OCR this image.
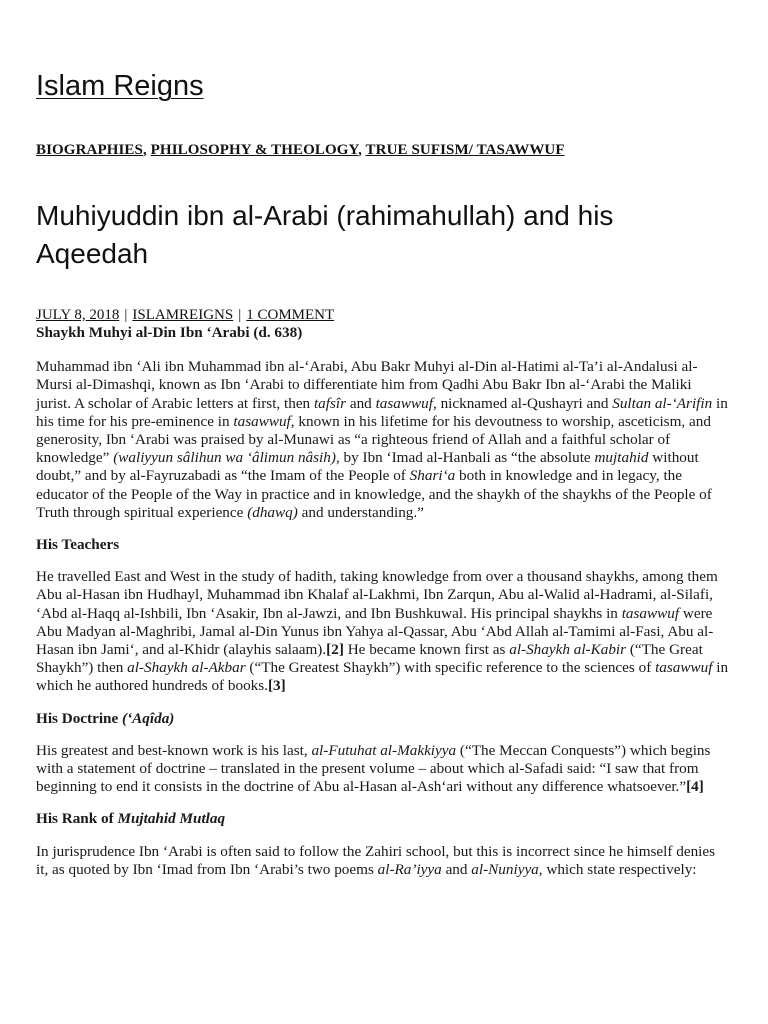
Islam Reigns
BIOGRAPHIES, PHILOSOPHY & THEOLOGY, TRUE SUFISM/ TASAWWUF
Muhiyuddin ibn al-Arabi (rahimahullah) and his Aqeedah
JULY 8, 2018 | ISLAMREIGNS | 1 COMMENT

Shaykh Muhyi al-Din Ibn ‘Arabi (d. 638)

Muhammad ibn ‘Ali ibn Muhammad ibn al-‘Arabi, Abu Bakr Muhyi al-Din al-Hatimi al-Ta’i al-Andalusi al-Mursi al-Dimashqi, known as Ibn ‘Arabi to differentiate him from Qadhi Abu Bakr Ibn al-‘Arabi the Maliki jurist. A scholar of Arabic letters at first, then tafsîr and tasawwuf, nicknamed al-Qushayri and Sultan al-‘Arifin in his time for his pre-eminence in tasawwuf, known in his lifetime for his devoutness to worship, asceticism, and generosity, Ibn ‘Arabi was praised by al-Munawi as “a righteous friend of Allah and a faithful scholar of knowledge” (waliyyun sâlihun wa ‘âlimun nâsih), by Ibn ‘Imad al-Hanbali as “the absolute mujtahid without doubt,” and by al-Fayruzabadi as “the Imam of the People of Shari‘a both in knowledge and in legacy, the educator of the People of the Way in practice and in knowledge, and the shaykh of the shaykhs of the People of Truth through spiritual experience (dhawq) and understanding.”

His Teachers

He travelled East and West in the study of hadith, taking knowledge from over a thousand shaykhs, among them Abu al-Hasan ibn Hudhayl, Muhammad ibn Khalaf al-Lakhmi, Ibn Zarqun, Abu al-Walid al-Hadrami, al-Silafi, ‘Abd al-Haqq al-Ishbili, Ibn ‘Asakir, Ibn al-Jawzi, and Ibn Bushkuwal. His principal shaykhs in tasawwuf were Abu Madyan al-Maghribi, Jamal al-Din Yunus ibn Yahya al-Qassar, Abu ‘Abd Allah al-Tamimi al-Fasi, Abu al-Hasan ibn Jami‘, and al-Khidr (alayhis salaam).[2] He became known first as al-Shaykh al-Kabir (“The Great Shaykh”) then al-Shaykh al-Akbar (“The Greatest Shaykh”) with specific reference to the sciences of tasawwuf in which he authored hundreds of books.[3]

His Doctrine (‘Aqîda)

His greatest and best-known work is his last, al-Futuhat al-Makkiyya (“The Meccan Conquests”) which begins with a statement of doctrine – translated in the present volume – about which al-Safadi said: “I saw that from beginning to end it consists in the doctrine of Abu al-Hasan al-Ash‘ari without any difference whatsoever.”[4]

His Rank of Mujtahid Mutlaq

In jurisprudence Ibn ‘Arabi is often said to follow the Zahiri school, but this is incorrect since he himself denies it, as quoted by Ibn ‘Imad from Ibn ‘Arabi’s two poems al-Ra’iyya and al-Nuniyya, which state respectively:
